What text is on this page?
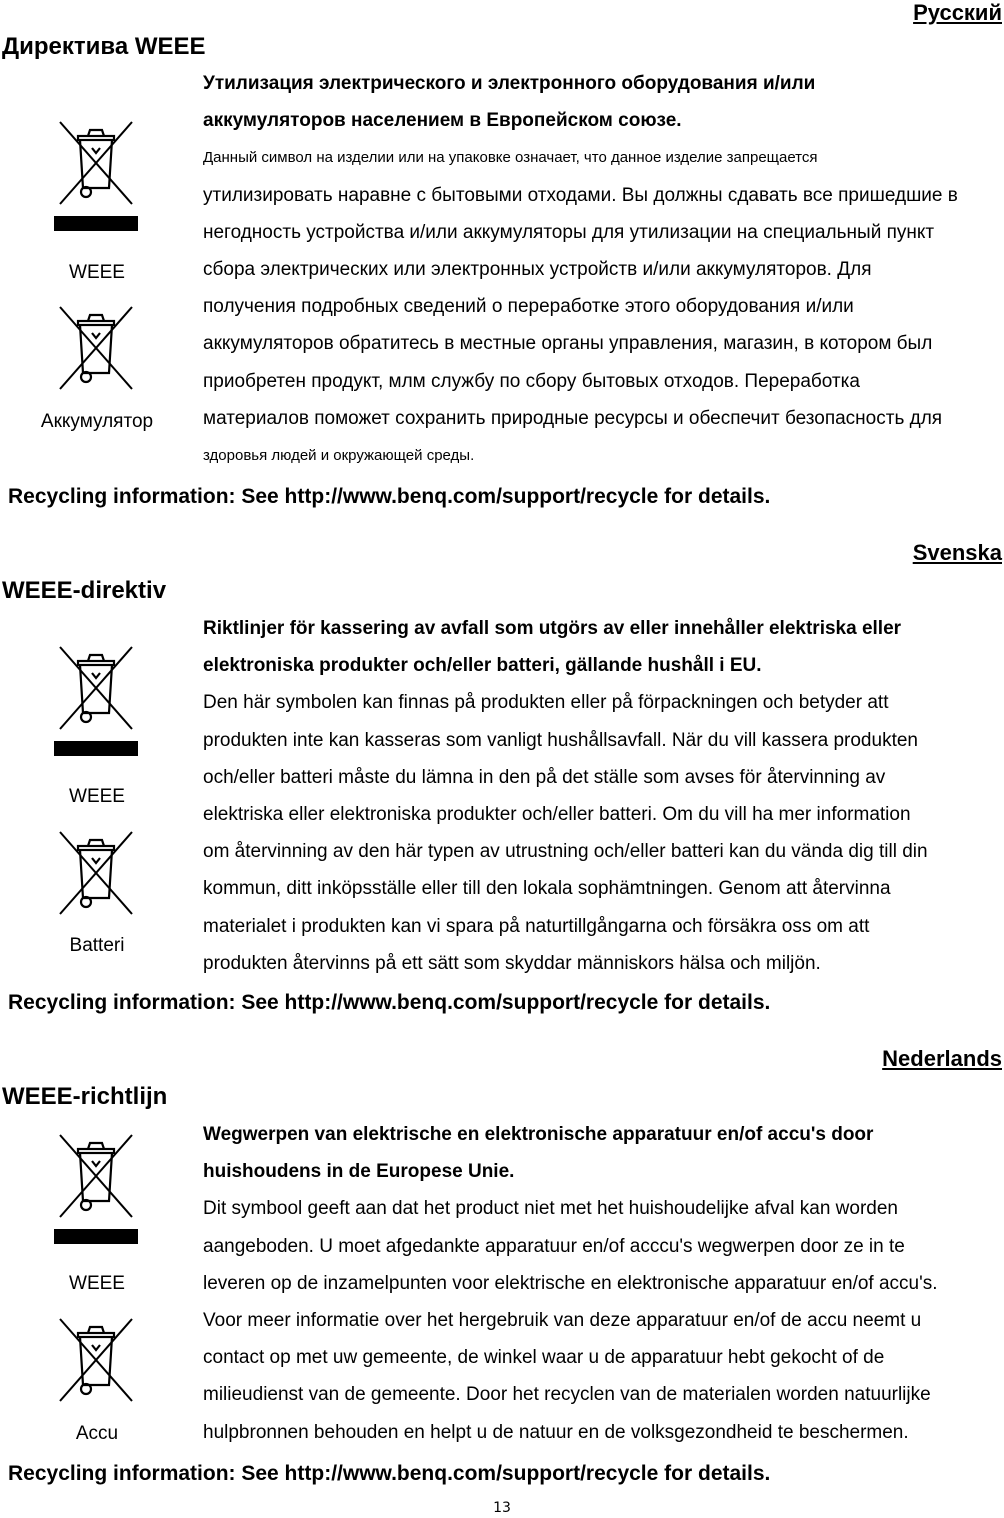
Русский
Директива WEEE
WEEE
Аккумулятор
Утилизация электрического и электронного оборудования и/или
аккумуляторов населением в Европейском союзе.
Данный символ на изделии или на упаковке означает, что данное изделие запрещается
утилизировать наравне с бытовыми отходами. Вы должны сдавать все пришедшие в
негодность устройства и/или аккумуляторы для утилизации на специальный пункт
сбора электрических или электронных устройств и/или аккумуляторов. Для
получения подробных сведений о переработке этого оборудования и/или
аккумуляторов обратитесь в местные органы управления, магазин, в котором был
приобретен продукт, млм службу по сбору бытовых отходов. Переработка
материалов поможет сохранить природные ресурсы и обеспечит безопасность для
здоровья людей и окружающей среды.
Recycling information: See http://www.benq.com/support/recycle for details.
Svenska
WEEE-direktiv
WEEE
Batteri
Riktlinjer för kassering av avfall som utgörs av eller innehåller elektriska eller
elektroniska produkter och/eller batteri, gällande hushåll i EU.
Den här symbolen kan finnas på produkten eller på förpackningen och betyder att
produkten inte kan kasseras som vanligt hushållsavfall. När du vill kassera produkten
och/eller batteri måste du lämna in den på det ställe som avses för återvinning av
elektriska eller elektroniska produkter och/eller batteri. Om du vill ha mer information
om återvinning av den här typen av utrustning och/eller batteri kan du vända dig till din
kommun, ditt inköpsställe eller till den lokala sophämtningen. Genom att återvinna
materialet i produkten kan vi spara på naturtillgångarna och försäkra oss om att
produkten återvinns på ett sätt som skyddar människors hälsa och miljön.
Recycling information: See http://www.benq.com/support/recycle for details.
Nederlands
WEEE-richtlijn
WEEE
Accu
Wegwerpen van elektrische en elektronische apparatuur en/of accu's door
huishoudens in de Europese Unie.
Dit symbool geeft aan dat het product niet met het huishoudelijke afval kan worden
aangeboden. U moet afgedankte apparatuur en/of acccu's wegwerpen door ze in te
leveren op de inzamelpunten voor elektrische en elektronische apparatuur en/of accu's.
Voor meer informatie over het hergebruik van deze apparatuur en/of de accu neemt u
contact op met uw gemeente, de winkel waar u de apparatuur hebt gekocht of de
milieudienst van de gemeente. Door het recyclen van de materialen worden natuurlijke
hulpbronnen behouden en helpt u de natuur en de volksgezondheid te beschermen.
Recycling information: See http://www.benq.com/support/recycle for details.
13
